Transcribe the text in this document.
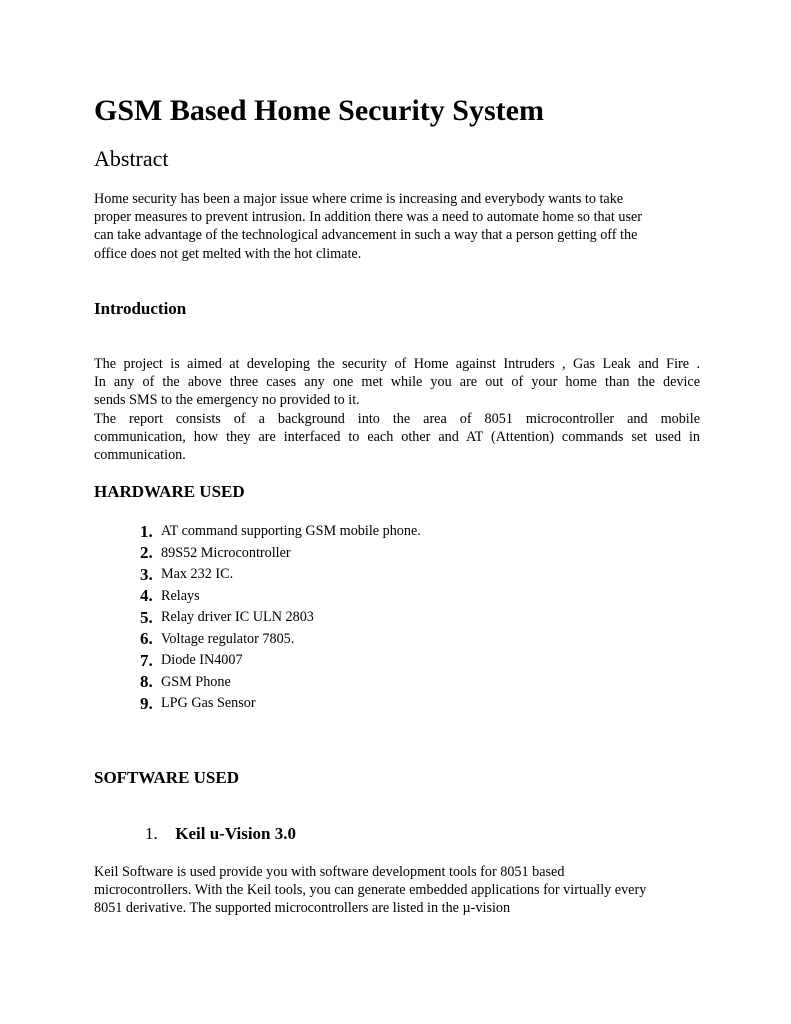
GSM Based Home Security System
Abstract

Home security has been a major issue where crime is increasing and everybody wants to take
proper measures to prevent intrusion. In addition there was a need to automate home so that user
can take advantage of the technological advancement in such a way that a person getting off the
office does not get melted with the hot climate.

Introduction

The project is aimed at developing the security of Home against Intruders , Gas Leak and Fire .
In any of the above three cases any one met while you are out of your home than the device
sends SMS to the emergency no provided to it.
The report consists of a background into the area of 8051 microcontroller and mobile
communication, how they are interfaced to each other and AT (Attention) commands set used in
communication.

HARDWARE USED
1. AT command supporting GSM mobile phone.
2. 89S52 Microcontroller
3. Max 232 IC.
4. Relays
5. Relay driver IC ULN 2803
6. Voltage regulator 7805.
7. Diode IN4007
8. GSM Phone
9. LPG Gas Sensor
SOFTWARE USED
1. Keil u-Vision 3.0

Keil Software is used provide you with software development tools for 8051 based
microcontrollers. With the Keil tools, you can generate embedded applications for virtually every
8051 derivative. The supported microcontrollers are listed in the µ-vision
